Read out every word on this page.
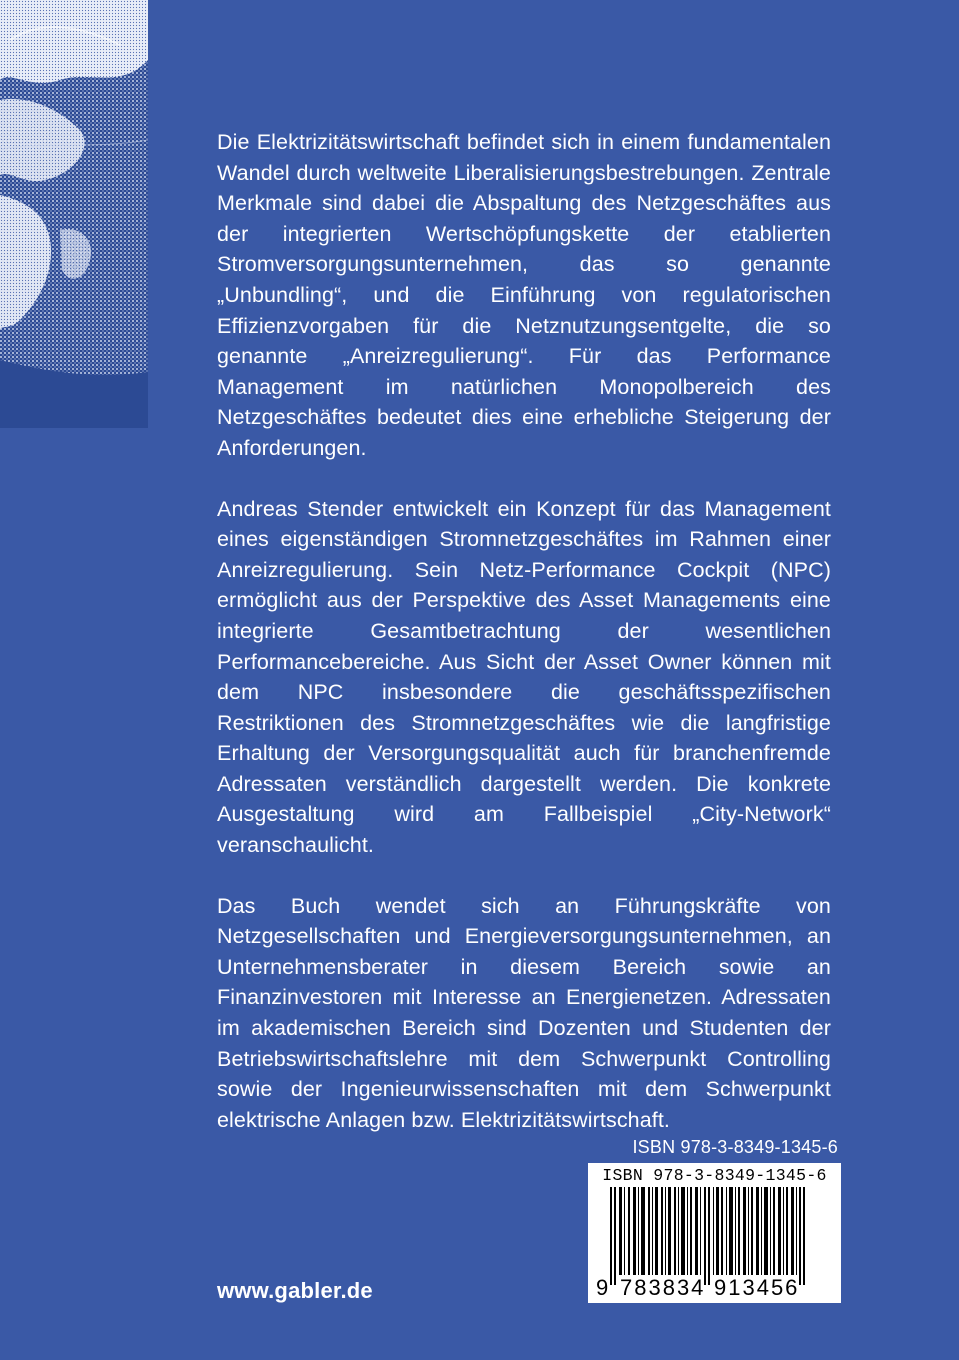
Die Elektrizitätswirtschaft befindet sich in einem fundamentalen Wandel durch weltweite Liberalisierungsbestrebungen. Zentrale Merkmale sind dabei die Abspaltung des Netzgeschäftes aus der integrierten Wertschöpfungskette der etablierten Stromversorgungsunternehmen, das so genannte „Unbundling“, und die Einführung von regulatorischen Effizienzvorgaben für die Netznutzungsentgelte, die so genannte „Anreizregulierung“. Für das Performance Management im natürlichen Monopolbereich des Netzgeschäftes bedeutet dies eine erhebliche Steigerung der Anforderungen.

Andreas Stender entwickelt ein Konzept für das Management eines eigenständigen Stromnetzgeschäftes im Rahmen einer Anreizregulierung. Sein Netz-Performance Cockpit (NPC) ermöglicht aus der Perspektive des Asset Managements eine integrierte Gesamtbetrachtung der wesentlichen Performancebereiche. Aus Sicht der Asset Owner können mit dem NPC insbesondere die geschäftsspezifischen Restriktionen des Stromnetzgeschäftes wie die langfristige Erhaltung der Versorgungsqualität auch für branchenfremde Adressaten verständlich dargestellt werden. Die konkrete Ausgestaltung wird am Fallbeispiel „City-Network“ veranschaulicht.

Das Buch wendet sich an Führungskräfte von Netzgesellschaften und Energieversorgungsunternehmen, an Unternehmensberater in diesem Bereich sowie an Finanzinvestoren mit Interesse an Energienetzen. Adressaten im akademischen Bereich sind Dozenten und Studenten der Betriebswirtschaftslehre mit dem Schwerpunkt Controlling sowie der Ingenieurwissenschaften mit dem Schwerpunkt elektrische Anlagen bzw. Elektrizitätswirtschaft.

ISBN 978-3-8349-1345-6
ISBN 978-3-8349-1345-6
9 783834 913456
www.gabler.de
